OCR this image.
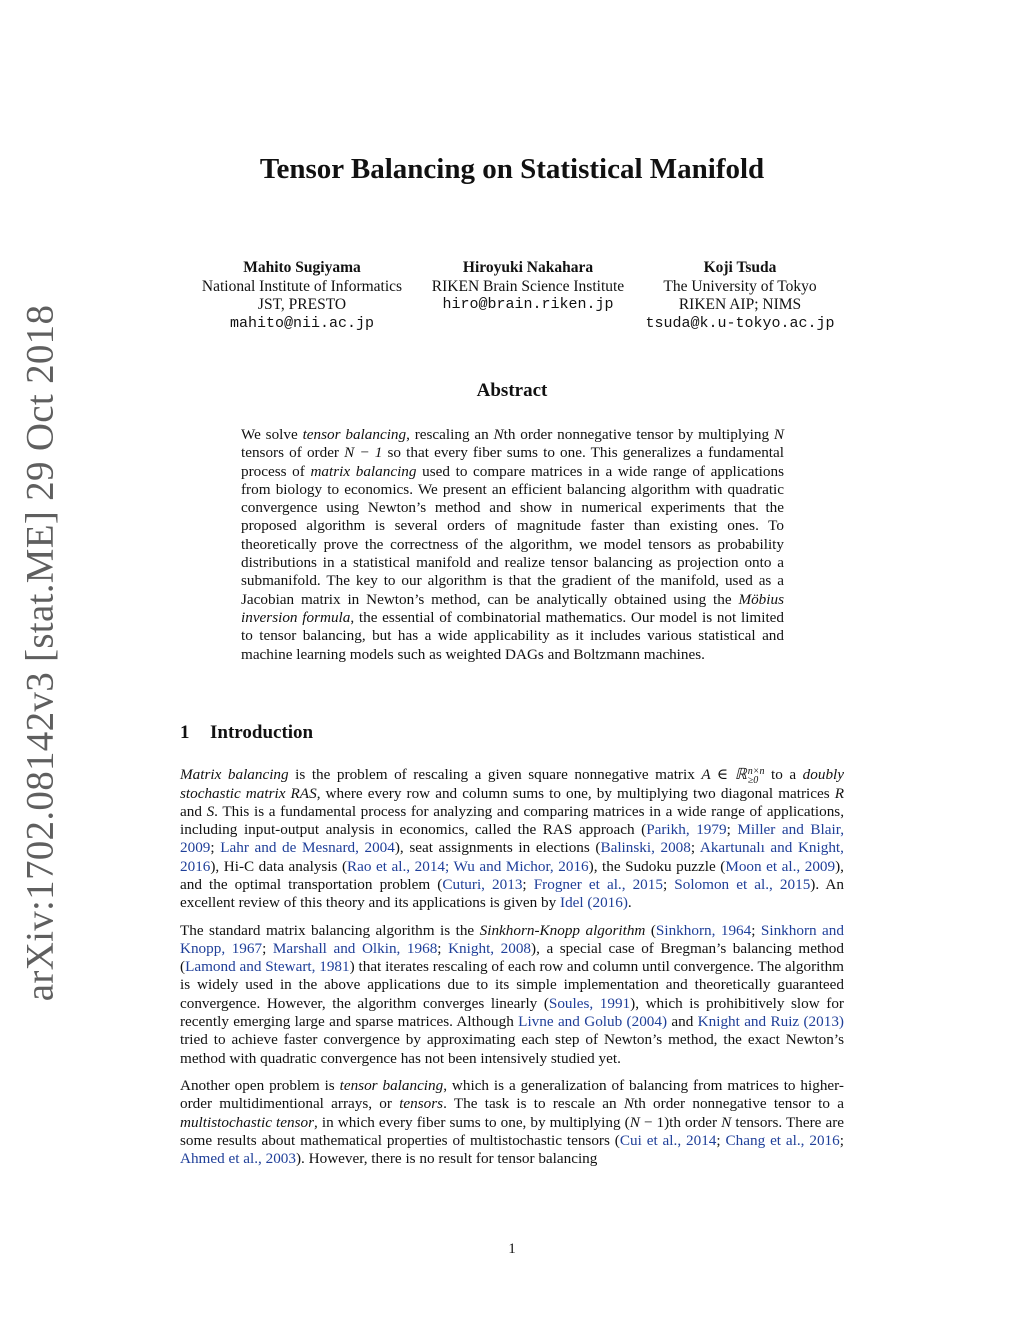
arXiv:1702.08142v3 [stat.ME] 29 Oct 2018
Tensor Balancing on Statistical Manifold
Mahito Sugiyama
National Institute of Informatics
JST, PRESTO
mahito@nii.ac.jp
Hiroyuki Nakahara
RIKEN Brain Science Institute
hiro@brain.riken.jp
Koji Tsuda
The University of Tokyo
RIKEN AIP; NIMS
tsuda@k.u-tokyo.ac.jp
Abstract
We solve tensor balancing, rescaling an Nth order nonnegative tensor by multiplying N tensors of order N − 1 so that every fiber sums to one. This generalizes a fundamental process of matrix balancing used to compare matrices in a wide range of applications from biology to economics. We present an efficient balancing algorithm with quadratic convergence using Newton’s method and show in numerical experiments that the proposed algorithm is several orders of magnitude faster than existing ones. To theoretically prove the correctness of the algorithm, we model tensors as probability distributions in a statistical manifold and realize tensor balancing as projection onto a submanifold. The key to our algorithm is that the gradient of the manifold, used as a Jacobian matrix in Newton’s method, can be analytically obtained using the Möbius inversion formula, the essential of combinatorial mathematics. Our model is not limited to tensor balancing, but has a wide applicability as it includes various statistical and machine learning models such as weighted DAGs and Boltzmann machines.
1 Introduction

Matrix balancing is the problem of rescaling a given square nonnegative matrix A ∈ ℝ n×n
≥0 to a doubly stochastic matrix RAS, where every row and column sums to one, by multiplying two diagonal matrices R and S. This is a fundamental process for analyzing and comparing matrices in a wide range of applications, including input-output analysis in economics, called the RAS approach (Parikh, 1979; Miller and Blair, 2009; Lahr and de Mesnard, 2004), seat assignments in elections (Balinski, 2008; Akartunalı and Knight, 2016), Hi-C data analysis (Rao et al., 2014; Wu and Michor, 2016), the Sudoku puzzle (Moon et al., 2009), and the optimal transportation problem (Cuturi, 2013; Frogner et al., 2015; Solomon et al., 2015). An excellent review of this theory and its applications is given by Idel (2016).

The standard matrix balancing algorithm is the Sinkhorn-Knopp algorithm (Sinkhorn, 1964; Sinkhorn and Knopp, 1967; Marshall and Olkin, 1968; Knight, 2008), a special case of Bregman’s balancing method (Lamond and Stewart, 1981) that iterates rescaling of each row and column until convergence. The algorithm is widely used in the above applications due to its simple implementation and theoretically guaranteed convergence. However, the algorithm converges linearly (Soules, 1991), which is prohibitively slow for recently emerging large and sparse matrices. Although Livne and Golub (2004) and Knight and Ruiz (2013) tried to achieve faster convergence by approximating each step of Newton’s method, the exact Newton’s method with quadratic convergence has not been intensively studied yet.

Another open problem is tensor balancing, which is a generalization of balancing from matrices to higher-order multidimentional arrays, or tensors. The task is to rescale an Nth order nonnegative tensor to a multistochastic tensor, in which every fiber sums to one, by multiplying (N − 1)th order N tensors. There are some results about mathematical properties of multistochastic tensors (Cui et al., 2014; Chang et al., 2016; Ahmed et al., 2003). However, there is no result for tensor balancing

1
